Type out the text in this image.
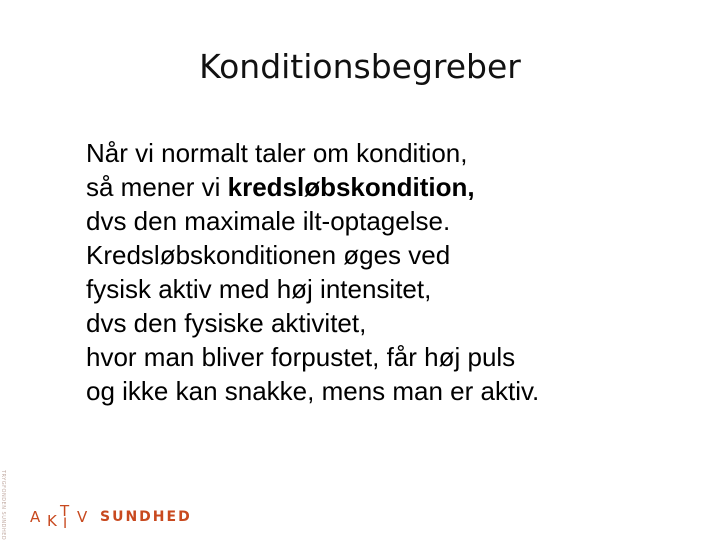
Konditionsbegreber
Når vi normalt taler om kondition,
så mener vi kredsløbskondition,
dvs den maximale ilt-optagelse.
Kredsløbskonditionen øges ved
fysisk aktiv med høj intensitet,
dvs den fysiske aktivitet,
hvor man bliver forpustet, får høj puls
og ikke kan snakke, mens man er aktiv.
TRYGFONDEN SUNDHED A K
T
I V SUNDHED
